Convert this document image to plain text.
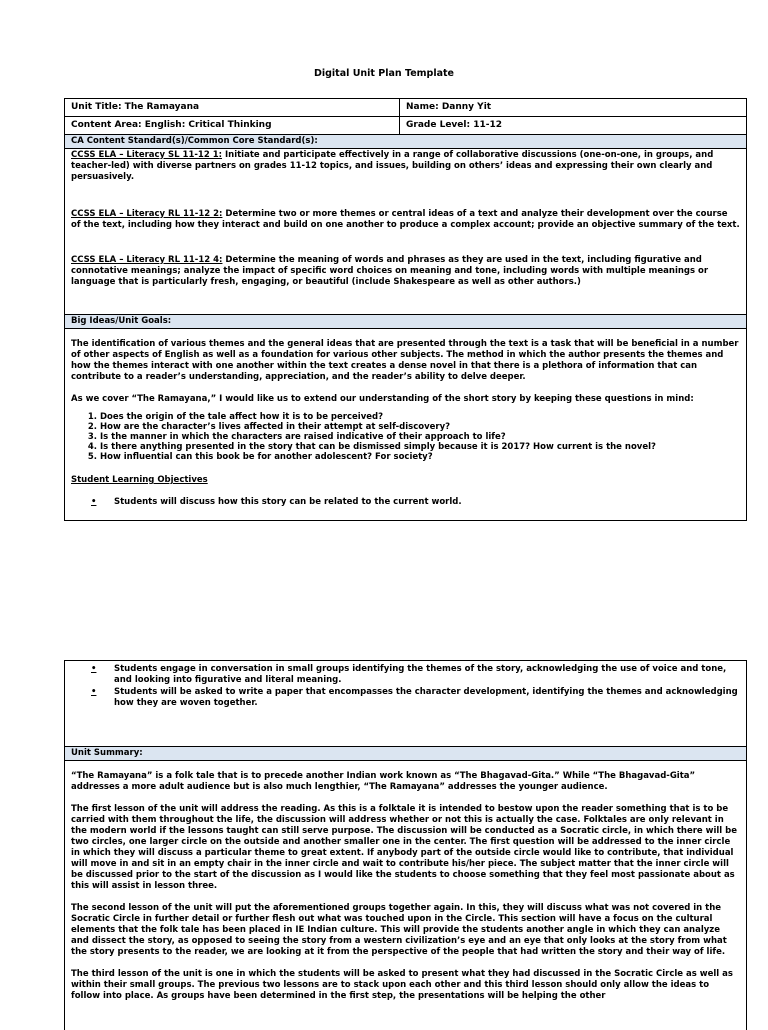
Digital Unit Plan Template
Unit Title: The Ramayana	Name: Danny Yit
Content Area: English: Critical Thinking	Grade Level: 11-12
CA Content Standard(s)/Common Core Standard(s):

CCSS ELA – Literacy SL 11-12 1: Initiate and participate effectively in a range of collaborative discussions (one-on-one, in groups, and teacher-led) with diverse partners on grades 11-12 topics, and issues, building on others’ ideas and expressing their own clearly and persuasively.

CCSS ELA – Literacy RL 11-12 2: Determine two or more themes or central ideas of a text and analyze their development over the course of the text, including how they interact and build on one another to produce a complex account; provide an objective summary of the text.

CCSS ELA – Literacy RL 11-12 4: Determine the meaning of words and phrases as they are used in the text, including figurative and connotative meanings; analyze the impact of specific word choices on meaning and tone, including words with multiple meanings or language that is particularly fresh, engaging, or beautiful (include Shakespeare as well as other authors.)

Big Ideas/Unit Goals:

The identification of various themes and the general ideas that are presented through the text is a task that will be beneficial in a number of other aspects of English as well as a foundation for various other subjects. The method in which the author presents the themes and how the themes interact with one another within the text creates a dense novel in that there is a plethora of information that can contribute to a reader’s understanding, appreciation, and the reader’s ability to delve deeper.

As we cover “The Ramayana,” I would like us to extend our understanding of the short story by keeping these questions in mind:

1. Does the origin of the tale affect how it is to be perceived?
2. How are the character’s lives affected in their attempt at self-discovery?
3. Is the manner in which the characters are raised indicative of their approach to life?
4. Is there anything presented in the story that can be dismissed simply because it is 2017? How current is the novel?
5. How influential can this book be for another adolescent? For society?

Student Learning Objectives

•	Students will discuss how this story can be related to the current world.
•	Students engage in conversation in small groups identifying the themes of the story, acknowledging the use of voice and tone, and looking into figurative and literal meaning.
•	Students will be asked to write a paper that encompasses the character development, identifying the themes and acknowledging how they are woven together.
Unit Summary:

“The Ramayana” is a folk tale that is to precede another Indian work known as “The Bhagavad-Gita.” While “The Bhagavad-Gita” addresses a more adult audience but is also much lengthier, “The Ramayana” addresses the younger audience.

The first lesson of the unit will address the reading. As this is a folktale it is intended to bestow upon the reader something that is to be carried with them throughout the life, the discussion will address whether or not this is actually the case. Folktales are only relevant in the modern world if the lessons taught can still serve purpose. The discussion will be conducted as a Socratic circle, in which there will be two circles, one larger circle on the outside and another smaller one in the center. The first question will be addressed to the inner circle in which they will discuss a particular theme to great extent. If anybody part of the outside circle would like to contribute, that individual will move in and sit in an empty chair in the inner circle and wait to contribute his/her piece. The subject matter that the inner circle will be discussed prior to the start of the discussion as I would like the students to choose something that they feel most passionate about as this will assist in lesson three.

The second lesson of the unit will put the aforementioned groups together again. In this, they will discuss what was not covered in the Socratic Circle in further detail or further flesh out what was touched upon in the Circle. This section will have a focus on the cultural elements that the folk tale has been placed in IE Indian culture. This will provide the students another angle in which they can analyze and dissect the story, as opposed to seeing the story from a western civilization’s eye and an eye that only looks at the story from what the story presents to the reader, we are looking at it from the perspective of the people that had written the story and their way of life.

The third lesson of the unit is one in which the students will be asked to present what they had discussed in the Socratic Circle as well as within their small groups. The previous two lessons are to stack upon each other and this third lesson should only allow the ideas to follow into place. As groups have been determined in the first step, the presentations will be helping the other
